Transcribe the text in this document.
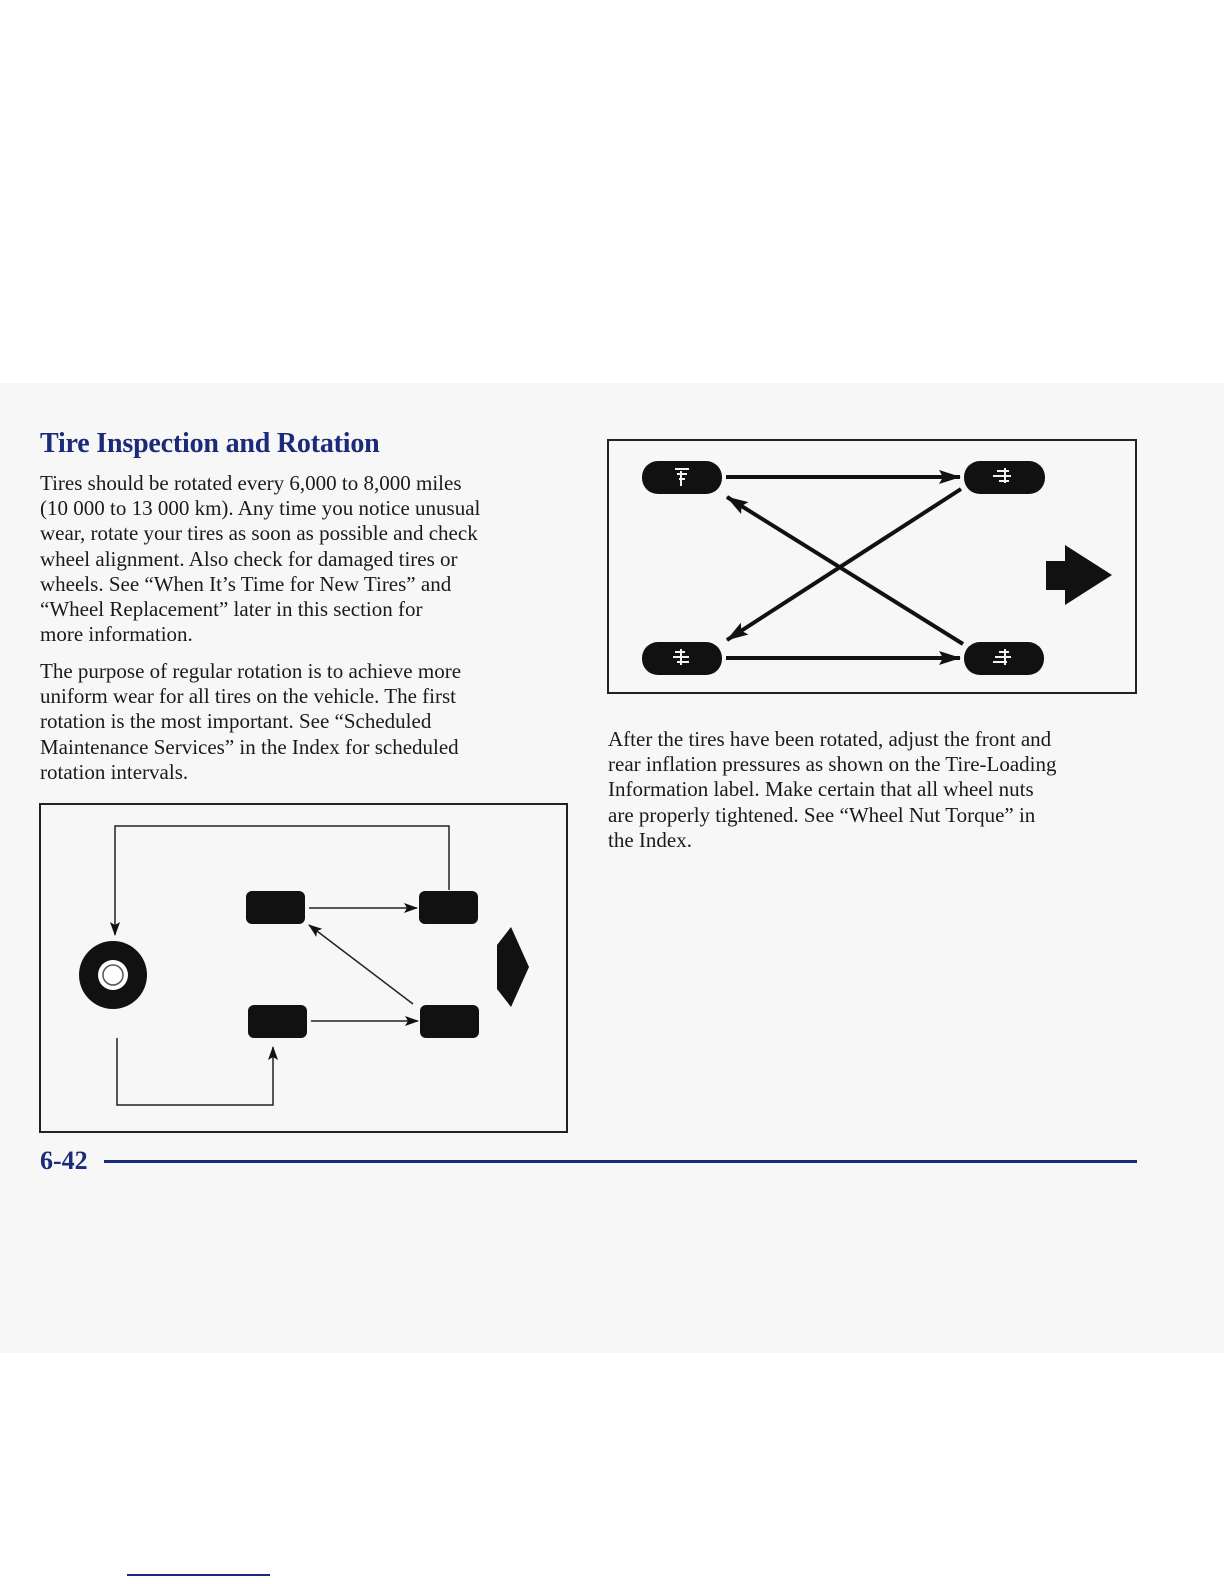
Tire Inspection and Rotation

Tires should be rotated every 6,000 to 8,000 miles
(10 000 to 13 000 km). Any time you notice unusual
wear, rotate your tires as soon as possible and check
wheel alignment. Also check for damaged tires or
wheels. See “When It’s Time for New Tires” and
“Wheel Replacement” later in this section for
more information.

The purpose of regular rotation is to achieve more
uniform wear for all tires on the vehicle. The first
rotation is the most important. See “Scheduled
Maintenance Services” in the Index for scheduled
rotation intervals.

After the tires have been rotated, adjust the front and
rear inflation pressures as shown on the Tire-Loading
Information label. Make certain that all wheel nuts
are properly tightened. See “Wheel Nut Torque” in
the Index.

6-42
